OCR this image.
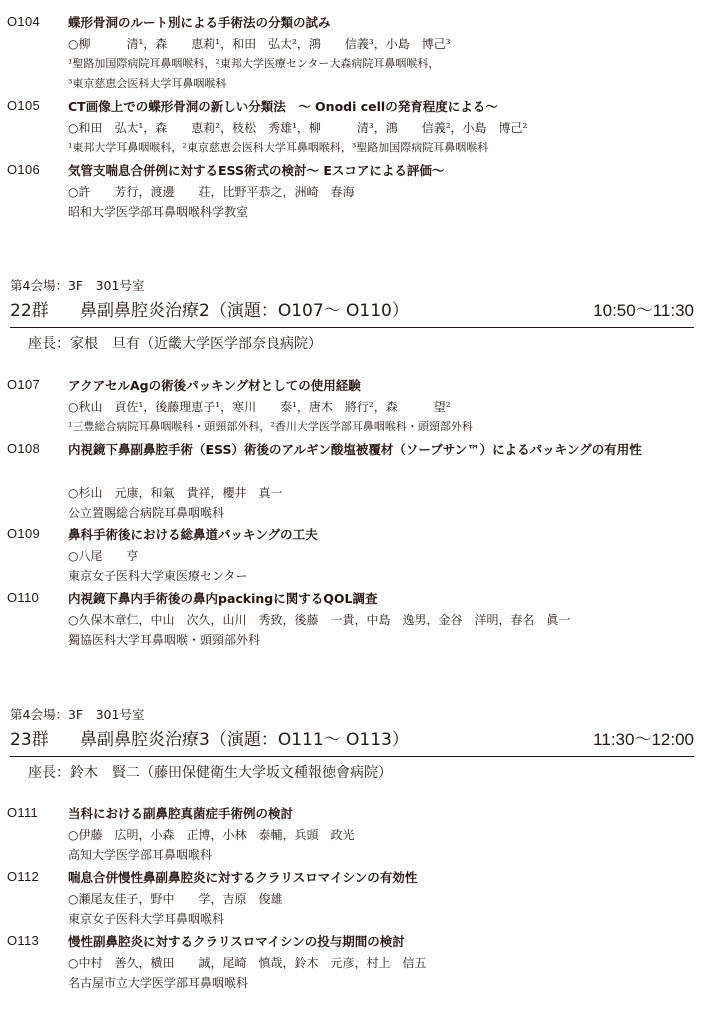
O104 蝶形骨洞のルート別による手術法の分類の試み
○柳　　　清¹，森　　恵莉¹，和田　弘太²，鴻　　信義³，小島　博己³
¹聖路加国際病院耳鼻咽喉科，²東邦大学医療センター大森病院耳鼻咽喉科，
³東京慈恵会医科大学耳鼻咽喉科
O105 CT画像上での蝶形骨洞の新しい分類法　～ Onodi cellの発育程度による～
○和田　弘太¹，森　　恵莉²，枝松　秀雄¹，柳　　　清³，鴻　　信義²，小島　博己²
¹東邦大学耳鼻咽喉科，²東京慈恵会医科大学耳鼻咽喉科，³聖路加国際病院耳鼻咽喉科
O106 気管支喘息合併例に対するESS術式の検討～ Eスコアによる評価～
○許　　芳行，渡邊　　荘，比野平恭之，洲崎　春海
昭和大学医学部耳鼻咽喉科学教室
第4会場：3F　301号室
22群 鼻副鼻腔炎治療2（演題：O107～ O110）	10:50～11:30
座長：家根　旦有（近畿大学医学部奈良病院）
O107 アクアセルAgの術後パッキング材としての使用経験
○秋山　貢佐¹，後藤理恵子¹，寒川　　泰¹，唐木　將行²，森　　　望²
¹三豊総合病院耳鼻咽喉科・頭頸部外科，²香川大学医学部耳鼻咽喉科・頭頸部外科
O108 内視鏡下鼻副鼻腔手術（ESS）術後のアルギン酸塩被覆材（ソーブサン™）によるパッキングの有用性
○杉山　元康，和氣　貴祥，櫻井　真一
公立置賜総合病院耳鼻咽喉科
O109 鼻科手術後における総鼻道パッキングの工夫
○八尾　　亨
東京女子医科大学東医療センター
O110 内視鏡下鼻内手術後の鼻内packingに関するQOL調査
○久保木章仁，中山　次久，山川　秀致，後藤　一貴，中島　逸男，金谷　洋明，春名　眞一
獨協医科大学耳鼻咽喉・頭頸部外科
第4会場：3F　301号室
23群 鼻副鼻腔炎治療3（演題：O111～ O113）	11:30～12:00
座長：鈴木　賢二（藤田保健衛生大学坂文種報徳會病院）
O111 当科における副鼻腔真菌症手術例の検討
○伊藤　広明，小森　正博，小林　泰輔，兵頭　政光
高知大学医学部耳鼻咽喉科
O112 喘息合併慢性鼻副鼻腔炎に対するクラリスロマイシンの有効性
○瀬尾友佳子，野中　　学，吉原　俊雄
東京女子医科大学耳鼻咽喉科
O113 慢性副鼻腔炎に対するクラリスロマイシンの投与期間の検討
○中村　善久，横田　　誠，尾崎　慎哉，鈴木　元彦，村上　信五
名古屋市立大学医学部耳鼻咽喉科
